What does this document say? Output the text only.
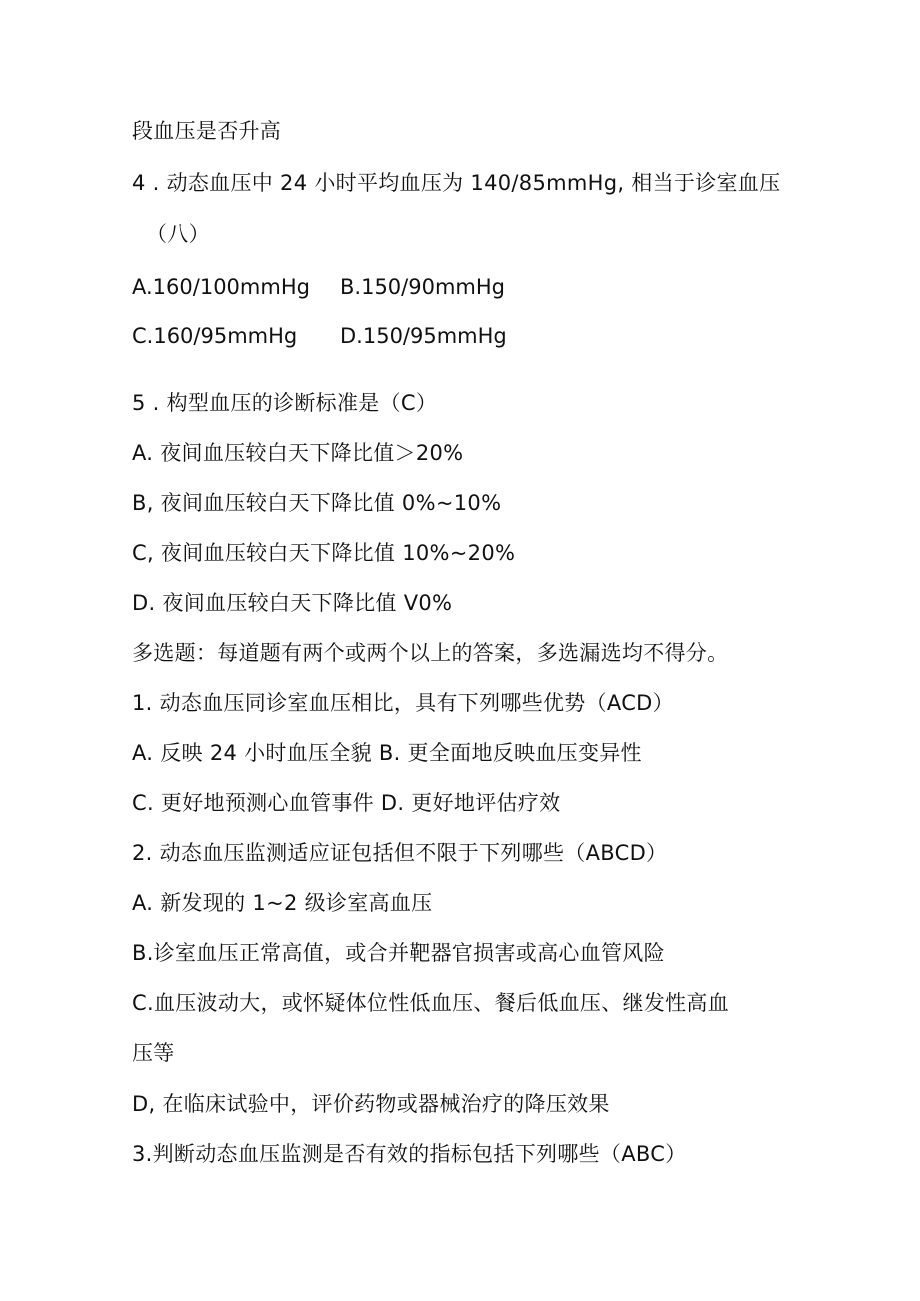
段血压是否升高
4 . 动态血压中 24 小时平均血压为 140/85mmHg, 相当于诊室血压
（八）
A.160/100mmHg B.150/90mmHg
C.160/95mmHg D.150/95mmHg
5 . 构型血压的诊断标准是（C）
A. 夜间血压较白天下降比值＞20%
B, 夜间血压较白天下降比值 0%~10%
C, 夜间血压较白天下降比值 10%~20%
D. 夜间血压较白天下降比值 V0%
多选题：每道题有两个或两个以上的答案，多选漏选均不得分。
1. 动态血压同诊室血压相比，具有下列哪些优势（ACD）
A. 反映 24 小时血压全貌 B. 更全面地反映血压变异性
C. 更好地预测心血管事件 D. 更好地评估疗效
2. 动态血压监测适应证包括但不限于下列哪些（ABCD）
A. 新发现的 1~2 级诊室高血压
B.诊室血压正常高值，或合并靶器官损害或高心血管风险
C.血压波动大，或怀疑体位性低血压、餐后低血压、继发性高血
压等
D, 在临床试验中，评价药物或器械治疗的降压效果
3.判断动态血压监测是否有效的指标包括下列哪些（ABC）
